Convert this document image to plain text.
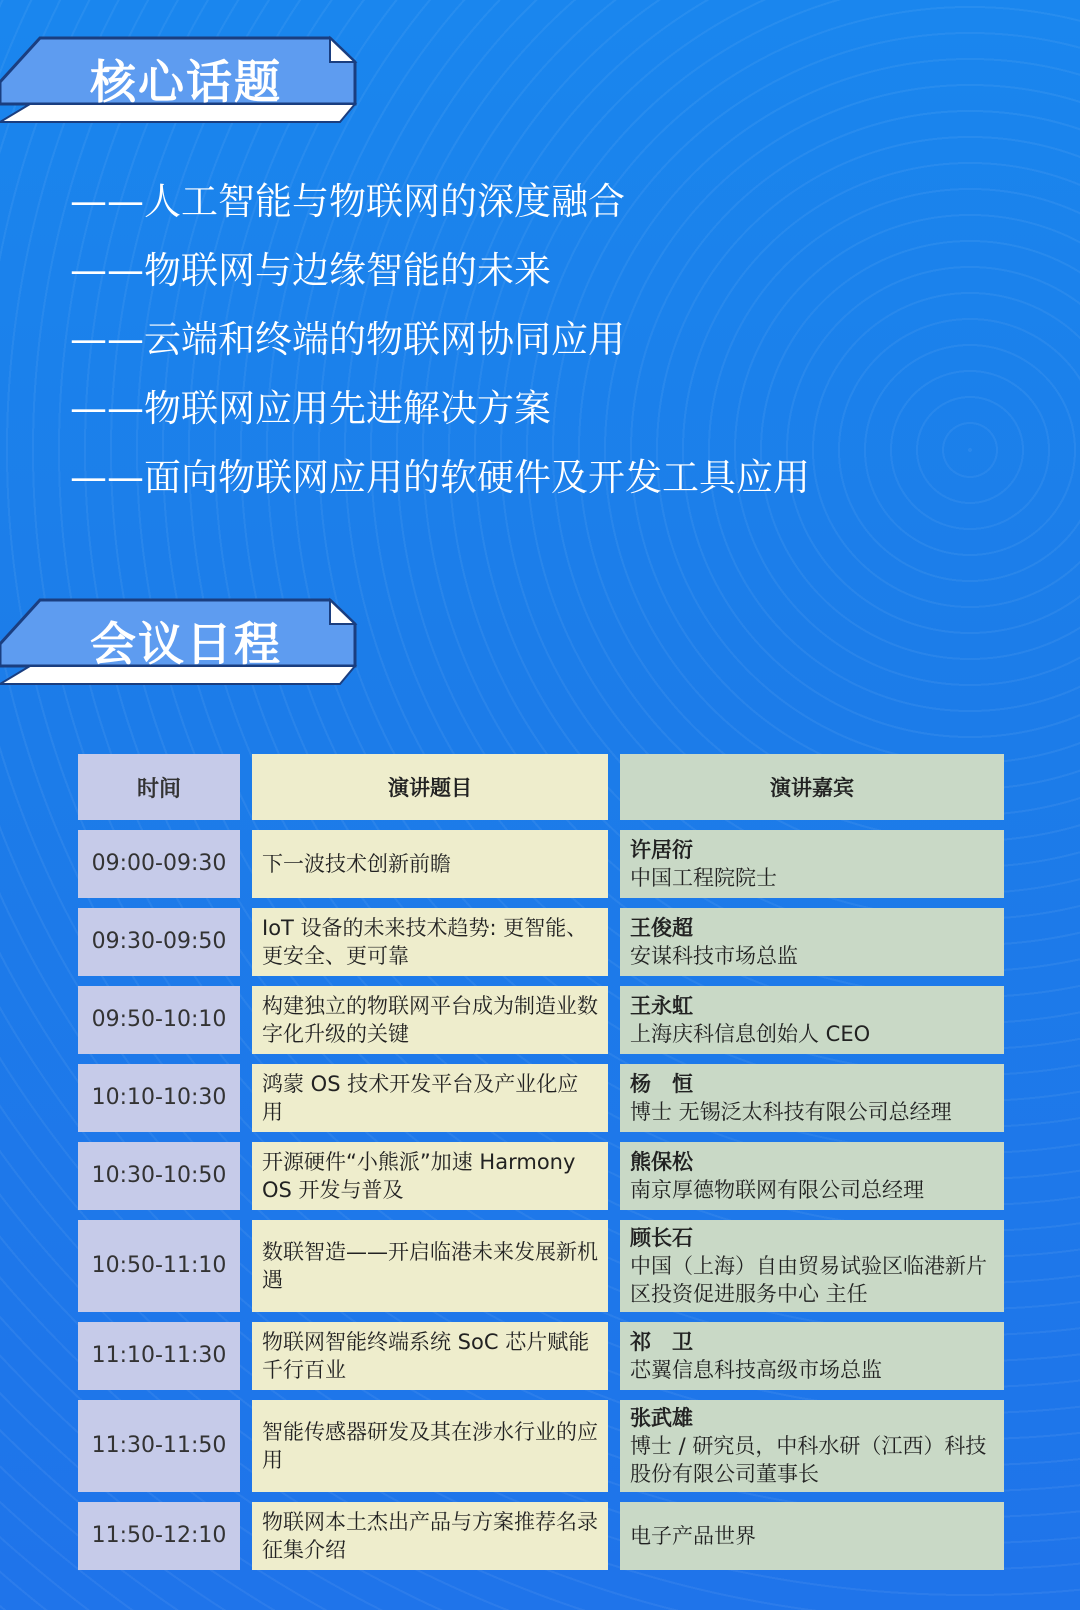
核心话题
——人工智能与物联网的深度融合
——物联网与边缘智能的未来
——云端和终端的物联网协同应用
——物联网应用先进解决方案
——面向物联网应用的软硬件及开发工具应用
会议日程
时间	演讲题目	演讲嘉宾
09:00-09:30	下一波技术创新前瞻	许居衍
中国工程院院士
09:30-09:50	IoT 设备的未来技术趋势: 更智能、更安全、更可靠	王俊超
安谋科技市场总监
09:50-10:10	构建独立的物联网平台成为制造业数字化升级的关键	王永虹
上海庆科信息创始人 CEO
10:10-10:30	鸿蒙 OS 技术开发平台及产业化应用	杨　恒
博士 无锡泛太科技有限公司总经理
10:30-10:50	开源硬件“小熊派”加速 Harmony OS 开发与普及	熊保松
南京厚德物联网有限公司总经理
10:50-11:10	数联智造——开启临港未来发展新机遇	顾长石
中国（上海）自由贸易试验区临港新片区投资促进服务中心 主任
11:10-11:30	物联网智能终端系统 SoC 芯片赋能千行百业	祁　卫
芯翼信息科技高级市场总监
11:30-11:50	智能传感器研发及其在涉水行业的应用	张武雄
博士 / 研究员，中科水研（江西）科技股份有限公司董事长
11:50-12:10	物联网本土杰出产品与方案推荐名录征集介绍	电子产品世界
